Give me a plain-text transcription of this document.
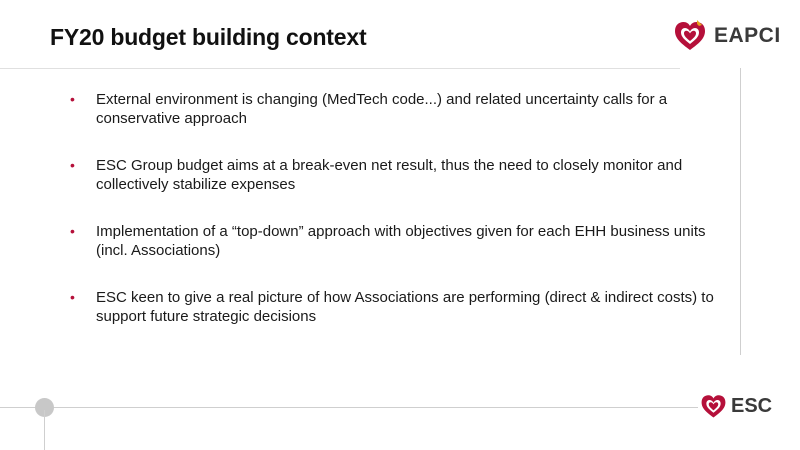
FY20 budget building context	EAPCI
• External environment is changing (MedTech code...) and related uncertainty calls for a conservative approach
• ESC Group budget aims at a break-even net result, thus the need to closely monitor and collectively stabilize expenses
• Implementation of a “top-down” approach with objectives given for each EHH business units (incl. Associations)
• ESC keen to give a real picture of how Associations are performing (direct & indirect costs) to support future strategic decisions
ESC
